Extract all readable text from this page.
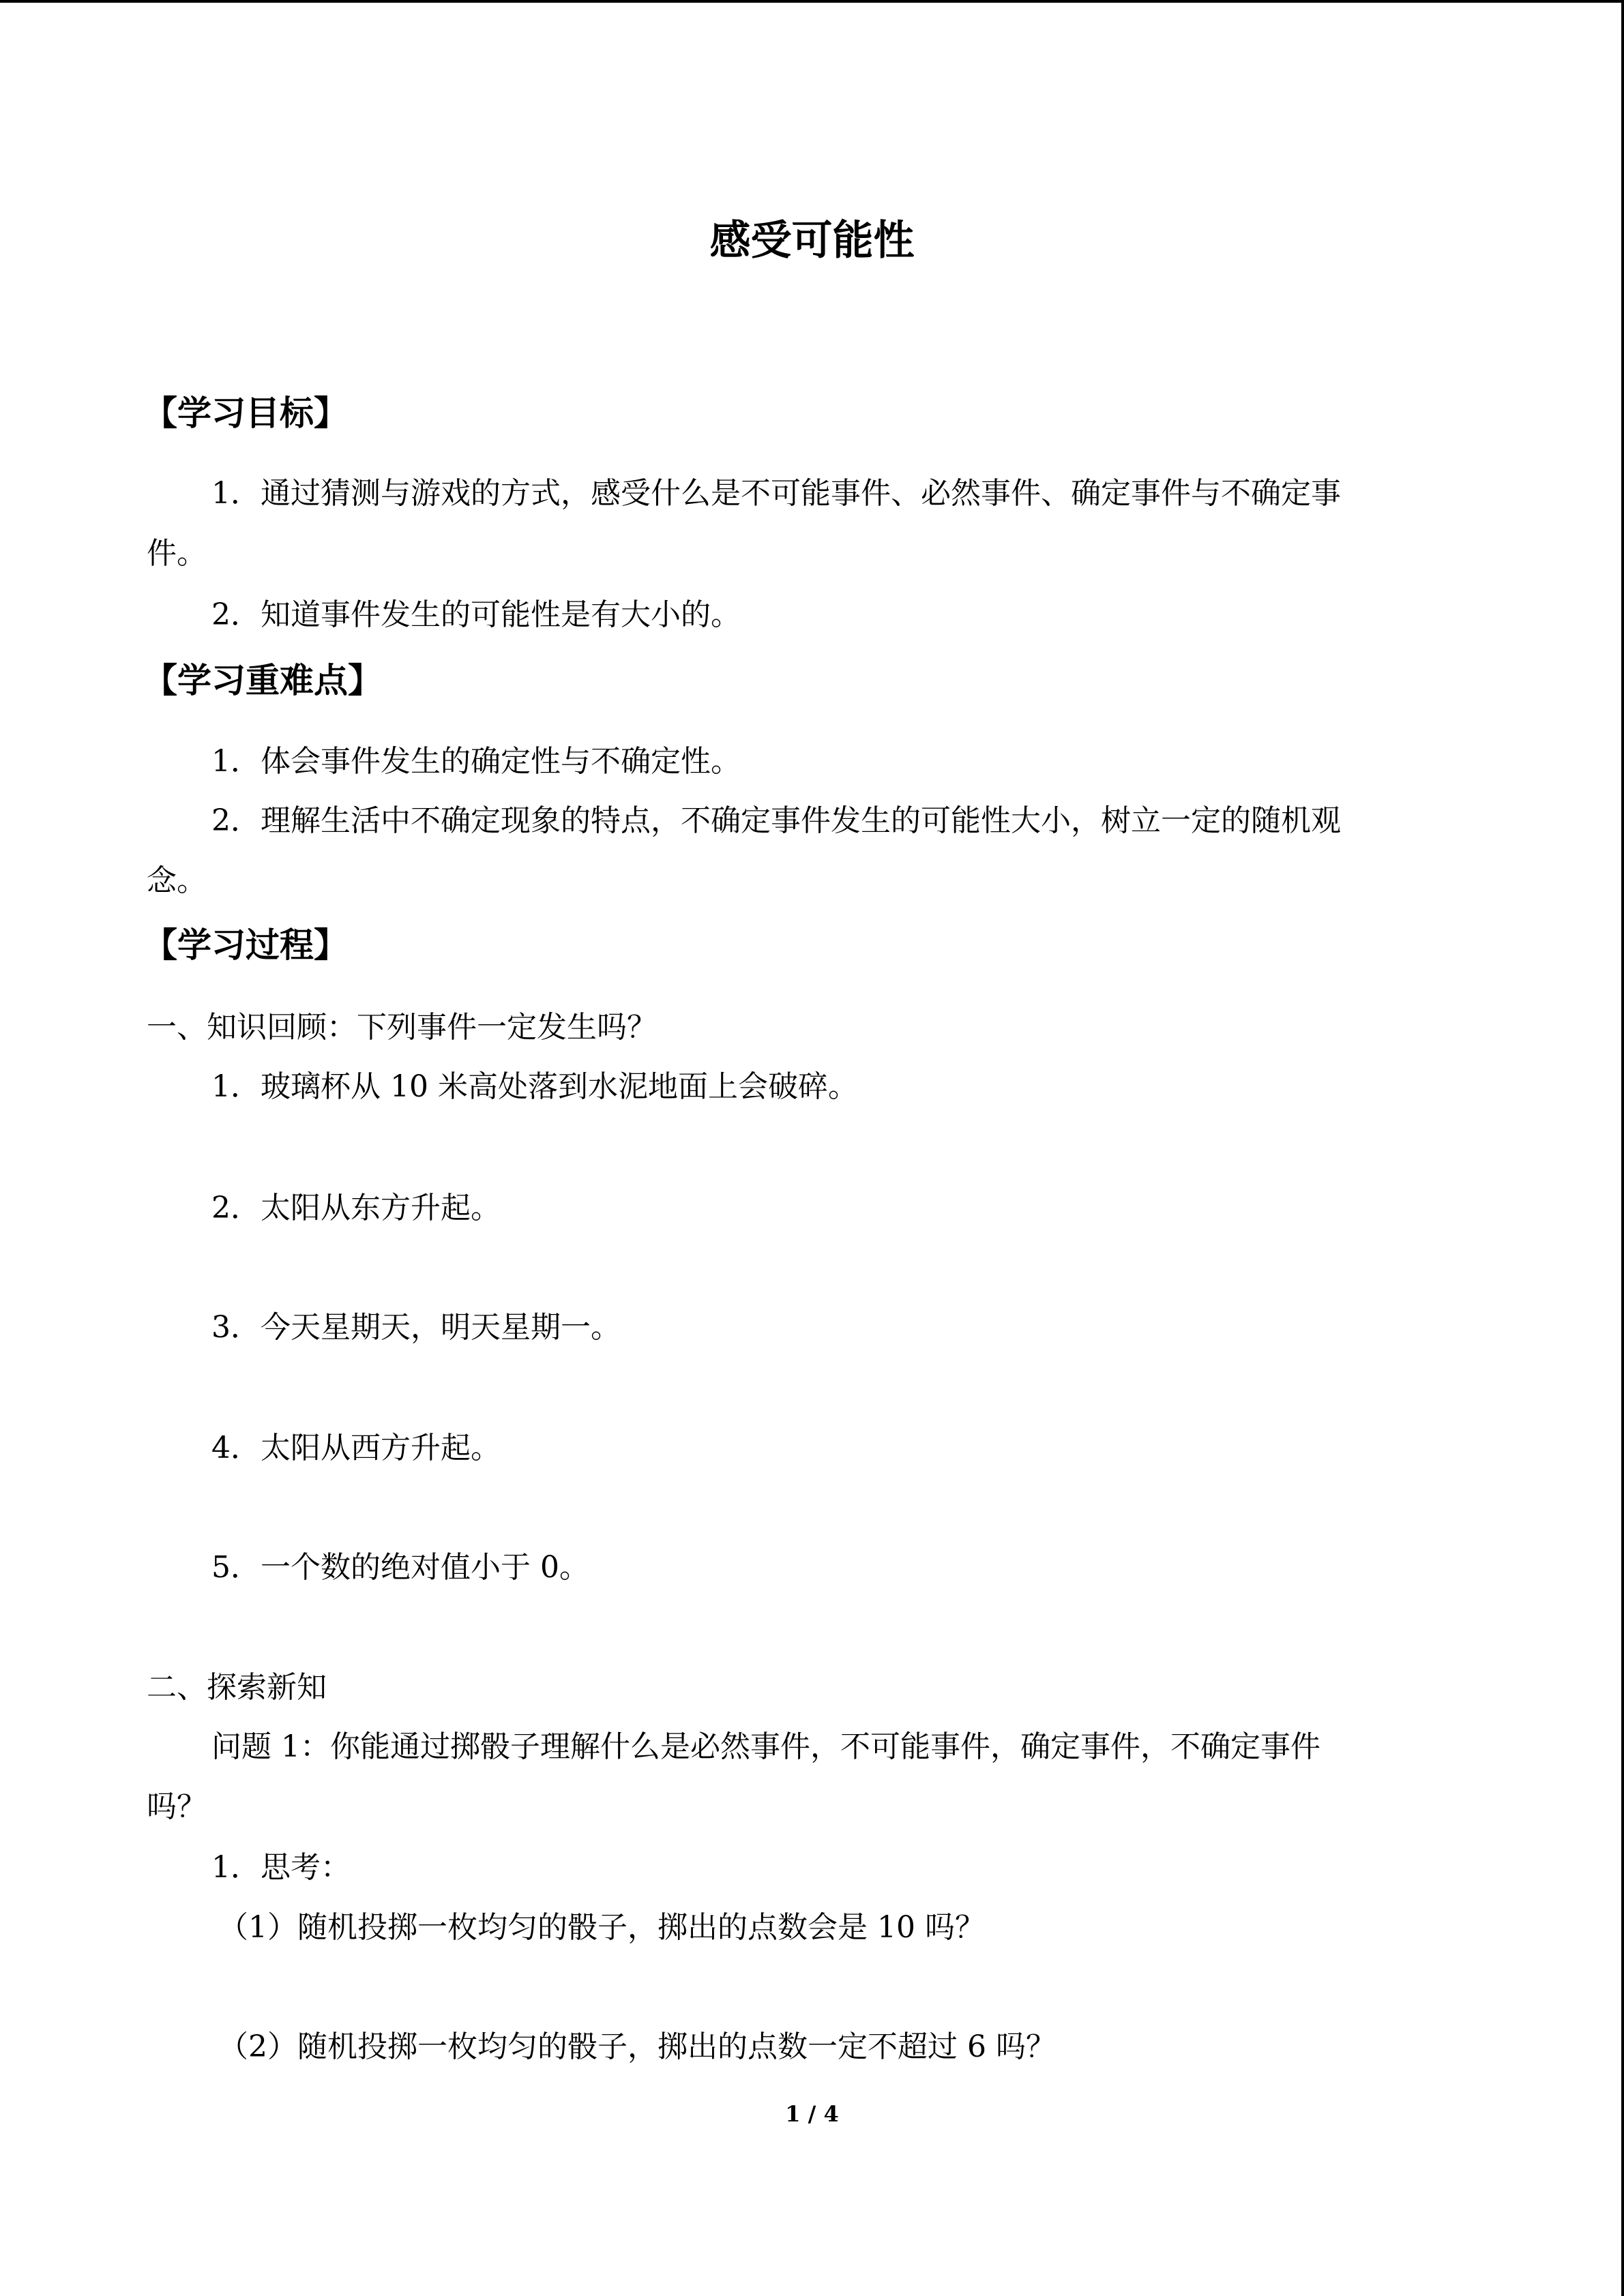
感受可能性
【学习目标】
1．通过猜测与游戏的方式，感受什么是不可能事件、必然事件、确定事件与不确定事
件。
2．知道事件发生的可能性是有大小的。
【学习重难点】
1．体会事件发生的确定性与不确定性。
2．理解生活中不确定现象的特点，不确定事件发生的可能性大小，树立一定的随机观
念。
【学习过程】
一、知识回顾：下列事件一定发生吗？
1．玻璃杯从 10 米高处落到水泥地面上会破碎。
2．太阳从东方升起。
3．今天星期天，明天星期一。
4．太阳从西方升起。
5．一个数的绝对值小于 0。
二、探索新知
问题 1：你能通过掷骰子理解什么是必然事件，不可能事件，确定事件，不确定事件
吗？
1．思考：
（1）随机投掷一枚均匀的骰子，掷出的点数会是 10 吗？
（2）随机投掷一枚均匀的骰子，掷出的点数一定不超过 6 吗？
1 / 4
